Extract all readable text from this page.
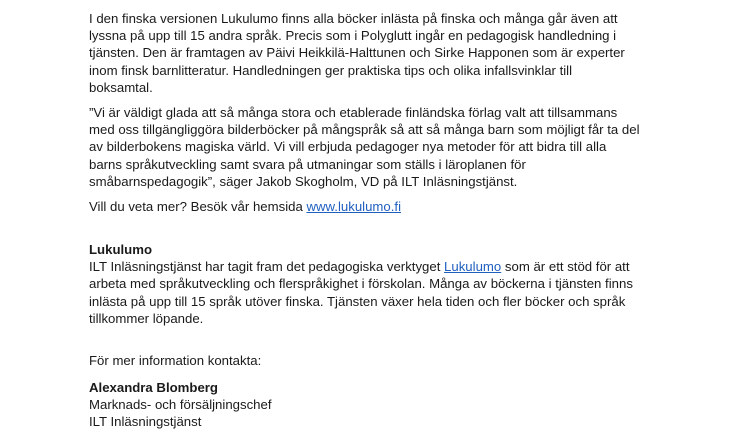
I den finska versionen Lukulumo finns alla böcker inlästa på finska och många går även att
lyssna på upp till 15 andra språk. Precis som i Polyglutt ingår en pedagogisk handledning i
tjänsten. Den är framtagen av Päivi Heikkilä-Halttunen och Sirke Happonen som är experter
inom finsk barnlitteratur. Handledningen ger praktiska tips och olika infallsvinklar till
boksamtal.

”Vi är väldigt glada att så många stora och etablerade finländska förlag valt att tillsammans
med oss tillgängliggöra bilderböcker på mångspråk så att så många barn som möjligt får ta del
av bilderbokens magiska värld. Vi vill erbjuda pedagoger nya metoder för att bidra till alla
barns språkutveckling samt svara på utmaningar som ställs i läroplanen för
småbarnspedagogik”, säger Jakob Skogholm, VD på ILT Inläsningstjänst.

Vill du veta mer? Besök vår hemsida www.lukulumo.fi

Lukulumo
ILT Inläsningstjänst har tagit fram det pedagogiska verktyget Lukulumo som är ett stöd för att
arbeta med språkutveckling och flerspråkighet i förskolan. Många av böckerna i tjänsten finns
inlästa på upp till 15 språk utöver finska. Tjänsten växer hela tiden och fler böcker och språk
tillkommer löpande.

För mer information kontakta:

Alexandra Blomberg
Marknads- och försäljningschef
ILT Inläsningstjänst
